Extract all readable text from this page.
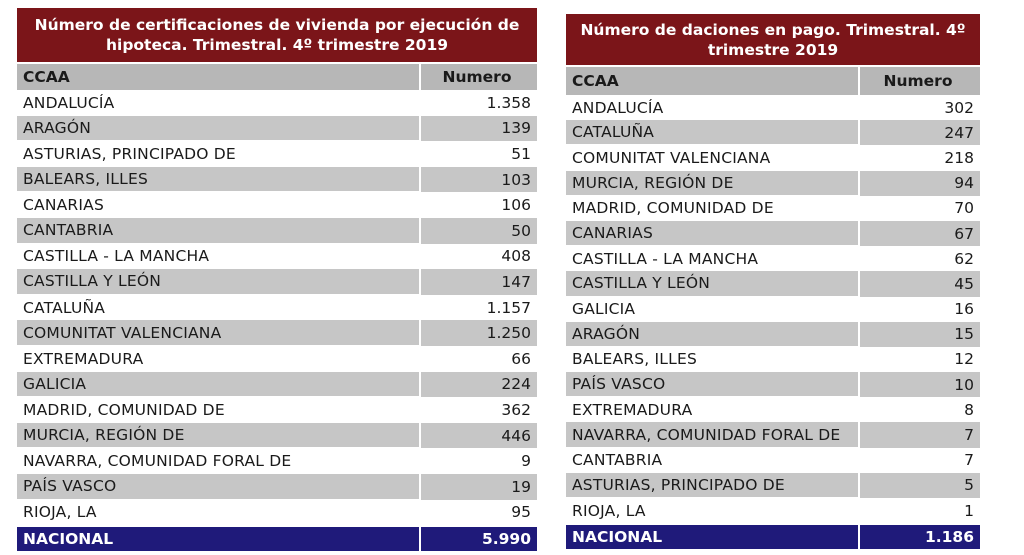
Número de certificaciones de vivienda por ejecución de hipoteca. Trimestral. 4º trimestre 2019
CCAA	Numero
ANDALUCÍA	1.358
ARAGÓN	139
ASTURIAS, PRINCIPADO DE	51
BALEARS, ILLES	103
CANARIAS	106
CANTABRIA	50
CASTILLA - LA MANCHA	408
CASTILLA Y LEÓN	147
CATALUÑA	1.157
COMUNITAT VALENCIANA	1.250
EXTREMADURA	66
GALICIA	224
MADRID, COMUNIDAD DE	362
MURCIA, REGIÓN DE	446
NAVARRA, COMUNIDAD FORAL DE	9
PAÍS VASCO	19
RIOJA, LA	95
NACIONAL	5.990
Número de daciones en pago. Trimestral. 4º trimestre 2019
CCAA	Numero
ANDALUCÍA	302
CATALUÑA	247
COMUNITAT VALENCIANA	218
MURCIA, REGIÓN DE	94
MADRID, COMUNIDAD DE	70
CANARIAS	67
CASTILLA - LA MANCHA	62
CASTILLA Y LEÓN	45
GALICIA	16
ARAGÓN	15
BALEARS, ILLES	12
PAÍS VASCO	10
EXTREMADURA	8
NAVARRA, COMUNIDAD FORAL DE	7
CANTABRIA	7
ASTURIAS, PRINCIPADO DE	5
RIOJA, LA	1
NACIONAL	1.186
